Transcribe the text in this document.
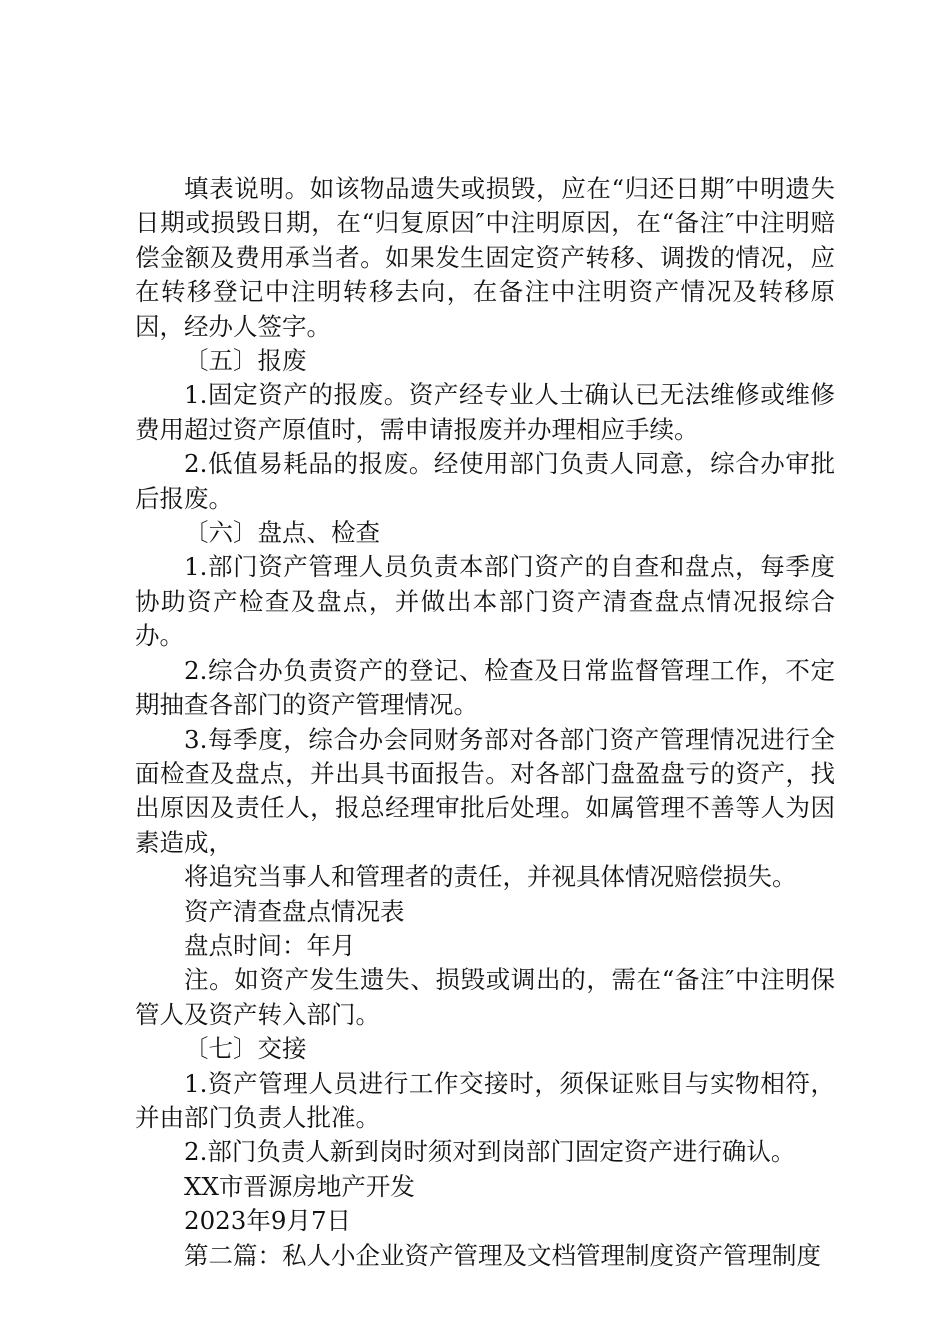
填表说明。如该物品遗失或损毁，应在“归还日期″中明遗失日期或损毁日期，在“归复原因″中注明原因，在“备注″中注明赔偿金额及费用承当者。如果发生固定资产转移、调拨的情况，应在转移登记中注明转移去向，在备注中注明资产情况及转移原因，经办人签字。

〔五〕报废

1.固定资产的报废。资产经专业人士确认已无法维修或维修费用超过资产原值时，需申请报废并办理相应手续。

2.低值易耗品的报废。经使用部门负责人同意，综合办审批后报废。

〔六〕盘点、检查

1.部门资产管理人员负责本部门资产的自查和盘点，每季度协助资产检查及盘点，并做出本部门资产清查盘点情况报综合办。

2.综合办负责资产的登记、检查及日常监督管理工作，不定期抽查各部门的资产管理情况。

3.每季度，综合办会同财务部对各部门资产管理情况进行全面检查及盘点，并出具书面报告。对各部门盘盈盘亏的资产，找出原因及责任人，报总经理审批后处理。如属管理不善等人为因素造成，

将追究当事人和管理者的责任，并视具体情况赔偿损失。

资产清查盘点情况表

盘点时间：年月

注。如资产发生遗失、损毁或调出的，需在“备注″中注明保管人及资产转入部门。

〔七〕交接

1.资产管理人员进行工作交接时，须保证账目与实物相符，并由部门负责人批准。

2.部门负责人新到岗时须对到岗部门固定资产进行确认。

XX市晋源房地产开发

2023年9月7日

第二篇：私人小企业资产管理及文档管理制度资产管理制度
